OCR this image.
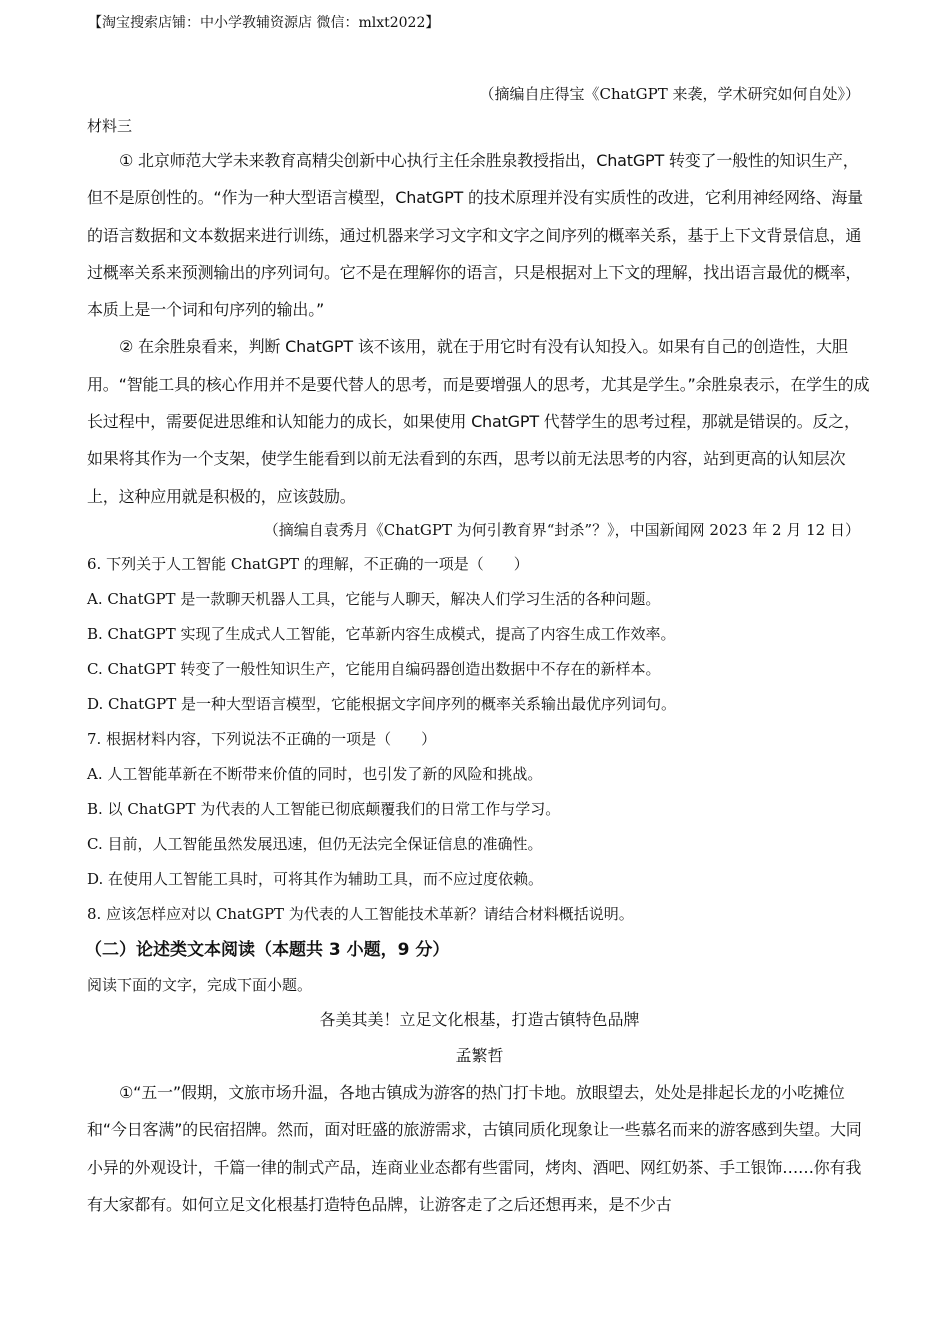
【淘宝搜索店铺：中小学教辅资源店 微信：mlxt2022】
（摘编自庄得宝《ChatGPT 来袭，学术研究如何自处》）
材料三
① 北京师范大学未来教育高精尖创新中心执行主任余胜泉教授指出，ChatGPT 转变了一般性的知识生产，但不是原创性的。“作为一种大型语言模型，ChatGPT 的技术原理并没有实质性的改进，它利用神经网络、海量的语言数据和文本数据来进行训练，通过机器来学习文字和文字之间序列的概率关系，基于上下文背景信息，通过概率关系来预测输出的序列词句。它不是在理解你的语言，只是根据对上下文的理解，找出语言最优的概率，本质上是一个词和句序列的输出。”
② 在余胜泉看来，判断 ChatGPT 该不该用，就在于用它时有没有认知投入。如果有自己的创造性，大胆用。“智能工具的核心作用并不是要代替人的思考，而是要增强人的思考，尤其是学生。”余胜泉表示，在学生的成长过程中，需要促进思维和认知能力的成长，如果使用 ChatGPT 代替学生的思考过程，那就是错误的。反之，如果将其作为一个支架，使学生能看到以前无法看到的东西，思考以前无法思考的内容，站到更高的认知层次上，这种应用就是积极的，应该鼓励。
（摘编自袁秀月《ChatGPT 为何引教育界“封杀”？》，中国新闻网 2023 年 2 月 12 日）
6. 下列关于人工智能 ChatGPT 的理解，不正确的一项是（　　）
A. ChatGPT 是一款聊天机器人工具，它能与人聊天，解决人们学习生活的各种问题。
B. ChatGPT 实现了生成式人工智能，它革新内容生成模式，提高了内容生成工作效率。
C. ChatGPT 转变了一般性知识生产，它能用自编码器创造出数据中不存在的新样本。
D. ChatGPT 是一种大型语言模型，它能根据文字间序列的概率关系输出最优序列词句。
7. 根据材料内容，下列说法不正确的一项是（　　）
A. 人工智能革新在不断带来价值的同时，也引发了新的风险和挑战。
B. 以 ChatGPT 为代表的人工智能已彻底颠覆我们的日常工作与学习。
C. 目前，人工智能虽然发展迅速，但仍无法完全保证信息的准确性。
D. 在使用人工智能工具时，可将其作为辅助工具，而不应过度依赖。
8. 应该怎样应对以 ChatGPT 为代表的人工智能技术革新？请结合材料概括说明。
（二）论述类文本阅读（本题共 3 小题，9 分）
阅读下面的文字，完成下面小题。
各美其美！立足文化根基，打造古镇特色品牌
孟繁哲
①“五一”假期，文旅市场升温，各地古镇成为游客的热门打卡地。放眼望去，处处是排起长龙的小吃摊位和“今日客满”的民宿招牌。然而，面对旺盛的旅游需求，古镇同质化现象让一些慕名而来的游客感到失望。大同小异的外观设计，千篇一律的制式产品，连商业业态都有些雷同，烤肉、酒吧、网红奶茶、手工银饰……你有我有大家都有。如何立足文化根基打造特色品牌，让游客走了之后还想再来，是不少古
